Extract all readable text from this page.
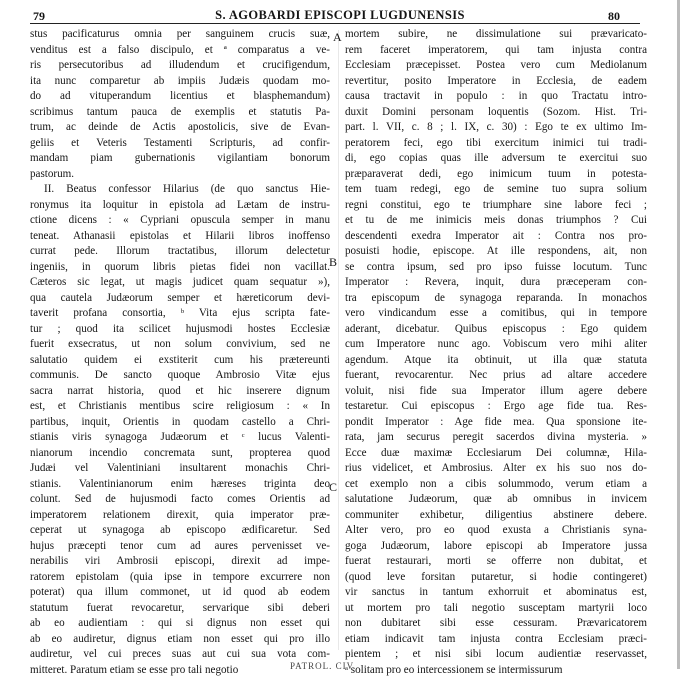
79	S. AGOBARDI EPISCOPI LUGDUNENSIS	80
stus pacificaturus omnia per sanguinem crucis suæ,
venditus est a falso discipulo, et ª comparatus a ve-
ris persecutoribus ad illudendum et crucifigendum,
ita nunc comparetur ab impiis Judæis quodam mo-
do ad vituperandum licentius et blasphemandum)
scribimus tantum pauca de exemplis et statutis Pa-
trum, ac deinde de Actis apostolicis, sive de Evan-
geliis et Veteris Testamenti Scripturis, ad confir-
mandam piam gubernationis vigilantiam bonorum
pastorum.
II. Beatus confessor Hilarius (de quo sanctus Hie-
ronymus ita loquitur in epistola ad Lætam de instru-
ctione dicens : « Cypriani opuscula semper in manu
teneat. Athanasii epistolas et Hilarii libros inoffenso
currat pede. Illorum tractatibus, illorum delectetur
ingeniis, in quorum libris pietas fidei non vacillat.
Cæteros sic legat, ut magis judicet quam sequatur »),
qua cautela Judæorum semper et hæreticorum devi-
taverit profana consortia, ᵇ Vita ejus scripta fate-
tur ; quod ita scilicet hujusmodi hostes Ecclesiæ
fuerit exsecratus, ut non solum convivium, sed ne
salutatio quidem ei exstiterit cum his prætereunti
communis. De sancto quoque Ambrosio Vitæ ejus
sacra narrat historia, quod et hic inserere dignum
est, et Christianis mentibus scire religiosum : « In
partibus, inquit, Orientis in quodam castello a Chri-
stianis viris synagoga Judæorum et ᶜ lucus Valenti-
nianorum incendio concremata sunt, propterea quod
Judæi vel Valentiniani insultarent monachis Chri-
stianis. Valentinianorum enim hæreses triginta deo
colunt. Sed de hujusmodi facto comes Orientis ad
imperatorem relationem direxit, quia imperator præ-
ceperat ut synagoga ab episcopo ædificaretur. Sed
hujus præcepti tenor cum ad aures pervenisset ve-
nerabilis viri Ambrosii episcopi, direxit ad impe-
ratorem epistolam (quia ipse in tempore excurrere non
poterat) qua illum commonet, ut id quod ab eodem
statutum fuerat revocaretur, servarique sibi deberi
ab eo audientiam : qui si dignus non esset qui
ab eo audiretur, dignus etiam non esset qui pro illo
audiretur, vel cui preces suas aut cui sua vota com-
mitteret. Paratum etiam se esse pro tali negotio
mortem subire, ne dissimulatione sui prævaricato-
rem faceret imperatorem, qui tam injusta contra
Ecclesiam præcepisset. Postea vero cum Mediolanum
revertitur, posito Imperatore in Ecclesia, de eadem
causa tractavit in populo : in quo Tractatu intro-
duxit Domini personam loquentis (Sozom. Hist. Tri-
part. l. VII, c. 8 ; l. IX, c. 30) : Ego te ex ultimo Im-
peratorem feci, ego tibi exercitum inimici tui tradi-
di, ego copias quas ille adversum te exercitui suo
præparaverat dedi, ego inimicum tuum in potesta-
tem tuam redegi, ego de semine tuo supra solium
regni constitui, ego te triumphare sine labore feci ;
et tu de me inimicis meis donas triumphos ? Cui
descendenti exedra Imperator ait : Contra nos pro-
posuisti hodie, episcope. At ille respondens, ait, non
se contra ipsum, sed pro ipso fuisse locutum. Tunc
Imperator : Revera, inquit, dura præceperam con-
tra episcopum de synagoga reparanda. In monachos
vero vindicandum esse a comitibus, qui in tempore
aderant, dicebatur. Quibus episcopus : Ego quidem
cum Imperatore nunc ago. Vobiscum vero mihi aliter
agendum. Atque ita obtinuit, ut illa quæ statuta
fuerant, revocarentur. Nec prius ad altare accedere
voluit, nisi fide sua Imperator illum agere debere
testaretur. Cui episcopus : Ergo age fide tua. Res-
pondit Imperator : Age fide mea. Qua sponsione ite-
rata, jam securus peregit sacerdos divina mysteria. »
Ecce duæ maximæ Ecclesiarum Dei columnæ, Hila-
rius videlicet, et Ambrosius. Alter ex his suo nos do-
cet exemplo non a cibis solummodo, verum etiam a
salutatione Judæorum, quæ ab omnibus in invicem
communiter exhibetur, diligentius abstinere debere.
Alter vero, pro eo quod exusta a Christianis syna-
goga Judæorum, labore episcopi ab Imperatore jussa
fuerat restaurari, morti se offerre non dubitat, et
(quod leve forsitan putaretur, si hodie contingeret)
vir sanctus in tantum exhorruit et abominatus est,
ut mortem pro tali negotio susceptam martyrii loco
non dubitaret sibi esse cessuram. Prævaricatorem
etiam indicavit tam injusta contra Ecclesiam præci-
pientem ; et nisi sibi locum audientiæ reservasset,
ᵃ solitam pro eo intercessionem se intermissurum
A
B
C
PATROL. CIV.
